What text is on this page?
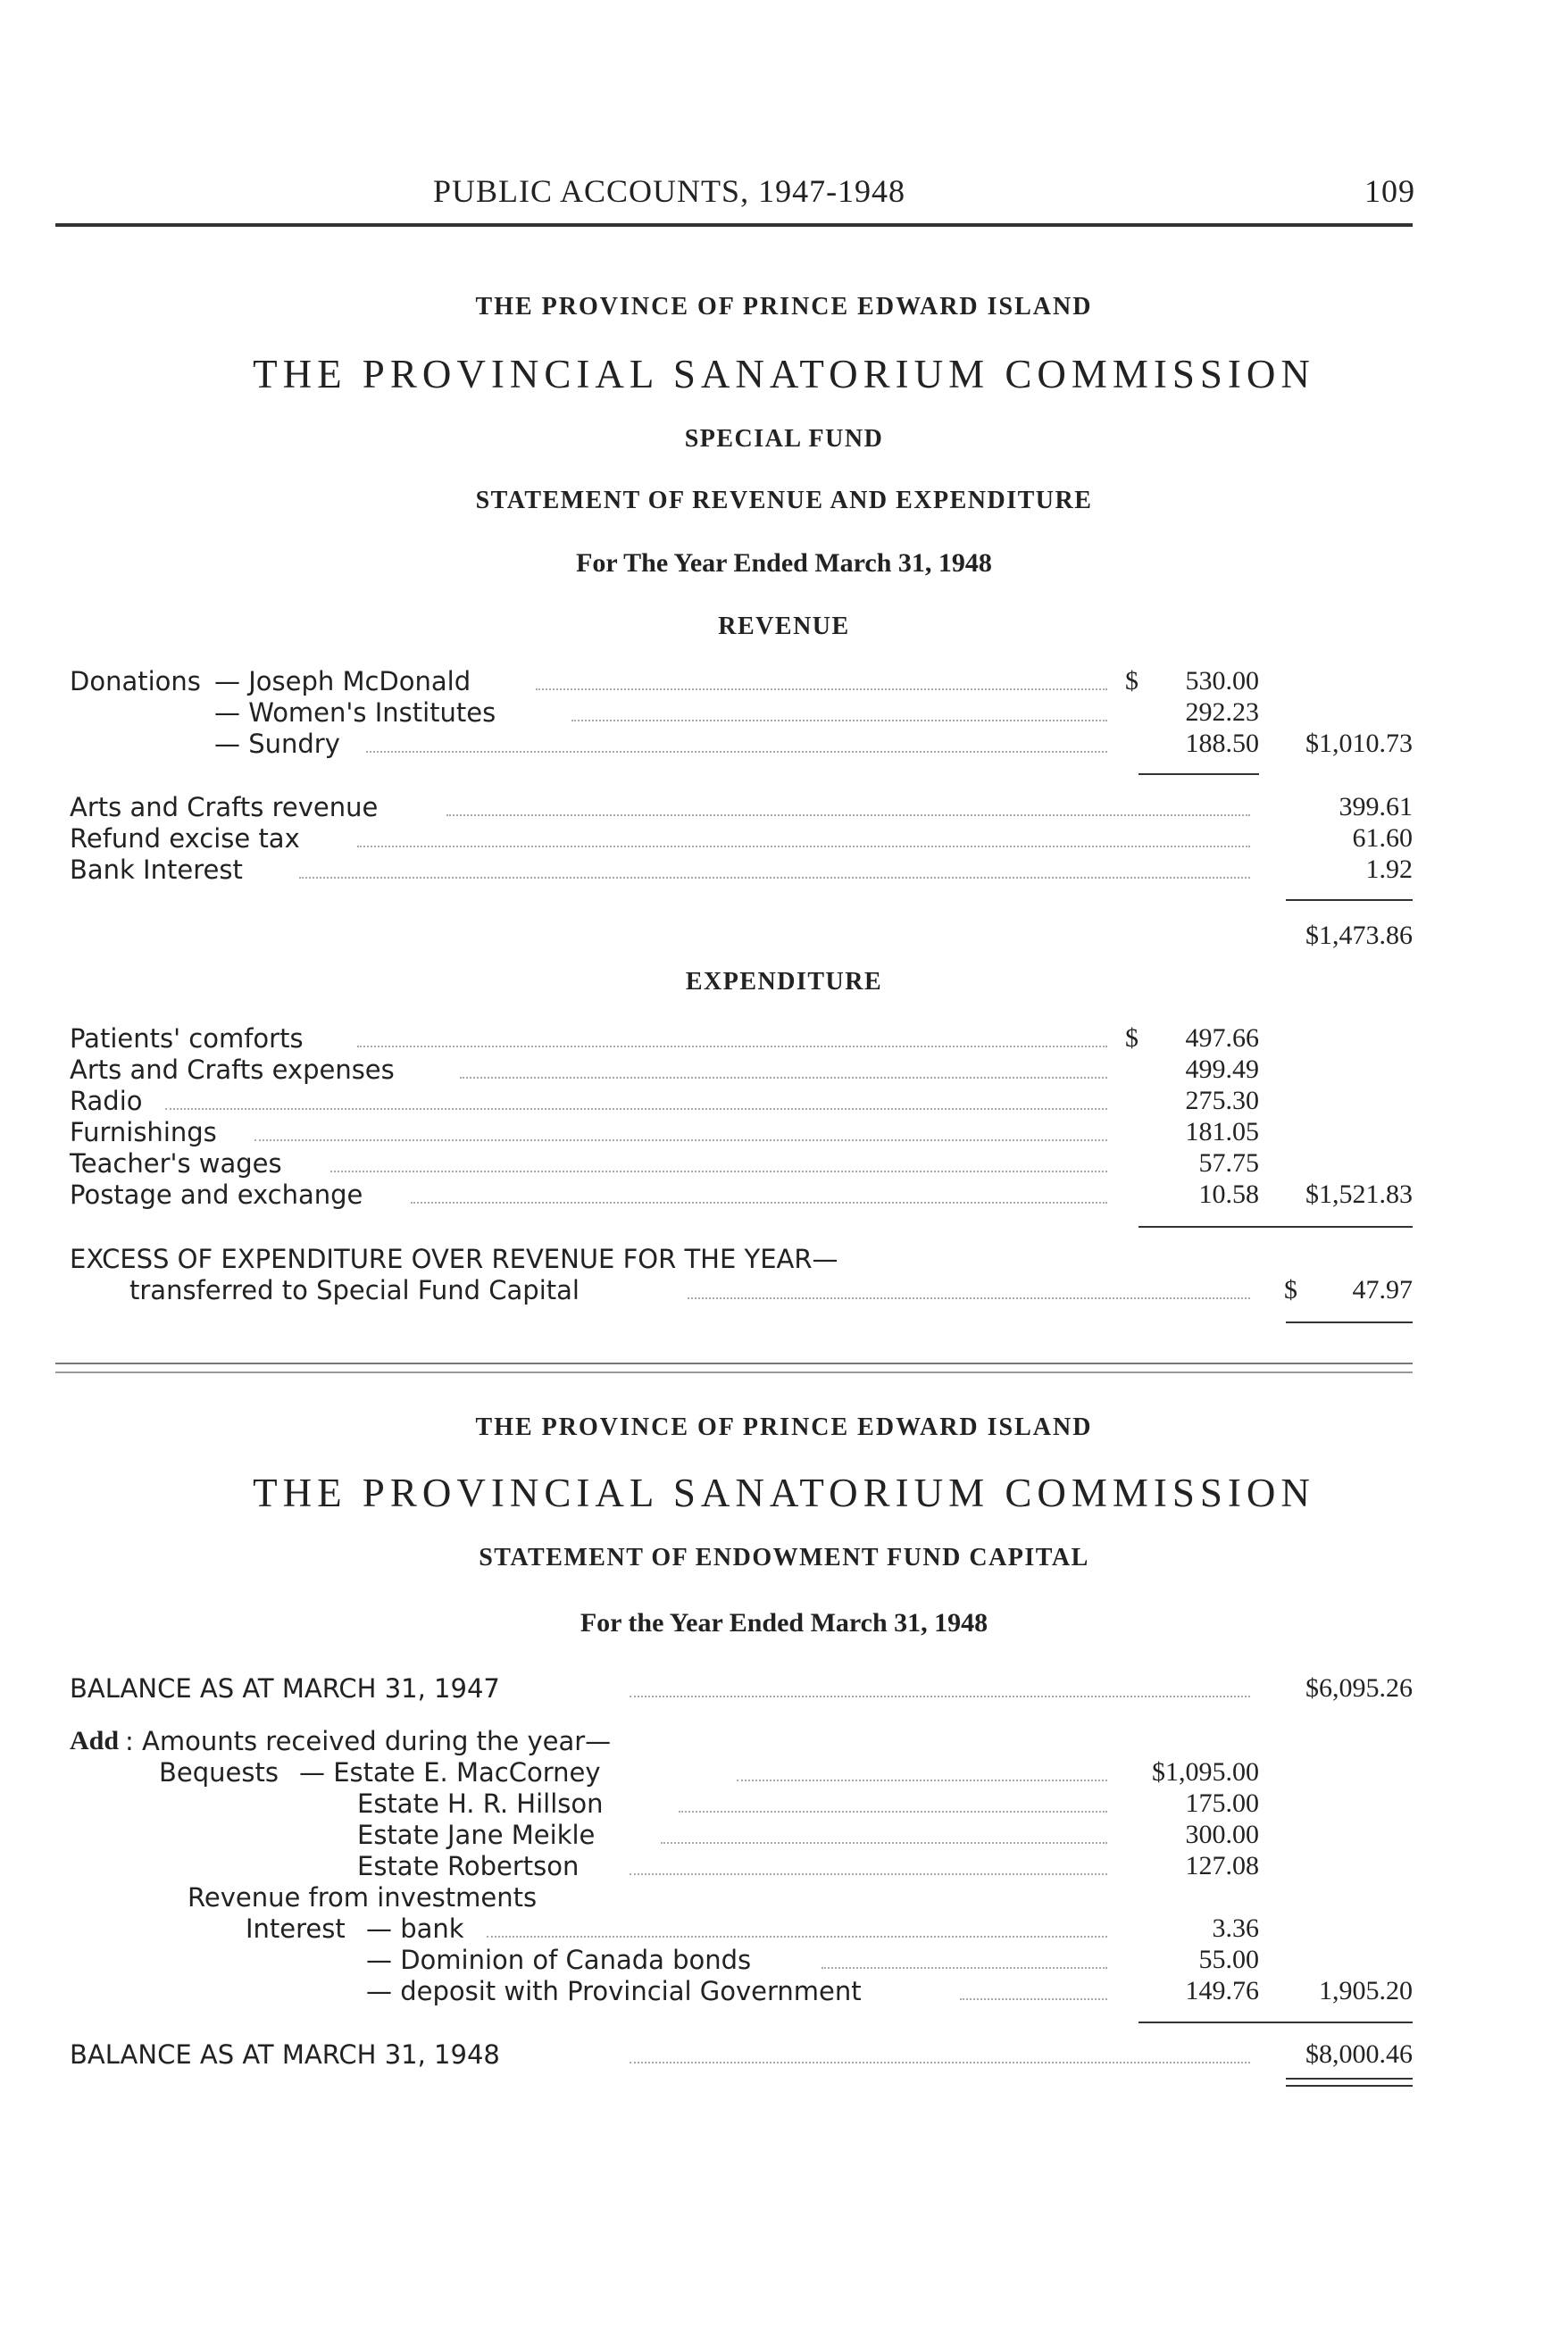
PUBLIC ACCOUNTS, 1947-1948	109
THE PROVINCE OF PRINCE EDWARD ISLAND
THE PROVINCIAL SANATORIUM COMMISSION
SPECIAL FUND
STATEMENT OF REVENUE AND EXPENDITURE
For The Year Ended March 31, 1948
REVENUE
Donations — Joseph McDonald	$	530.00
— Women's Institutes	292.23
— Sundry	188.50	$1,010.73
Arts and Crafts revenue	399.61
Refund excise tax	61.60
Bank Interest	1.92
$1,473.86
EXPENDITURE
Patients' comforts	$	497.66
Arts and Crafts expenses	499.49
Radio	275.30
Furnishings	181.05
Teacher's wages	57.75
Postage and exchange	10.58	$1,521.83
EXCESS OF EXPENDITURE OVER REVENUE FOR THE YEAR—
transferred to Special Fund Capital	$	47.97
THE PROVINCE OF PRINCE EDWARD ISLAND
THE PROVINCIAL SANATORIUM COMMISSION
STATEMENT OF ENDOWMENT FUND CAPITAL
For the Year Ended March 31, 1948
BALANCE AS AT MARCH 31, 1947	$6,095.26
Add : Amounts received during the year—
Bequests — Estate E. MacCorney	$1,095.00
Estate H. R. Hillson	175.00
Estate Jane Meikle	300.00
Estate Robertson	127.08
Revenue from investments
Interest — bank	3.36
— Dominion of Canada bonds	55.00
— deposit with Provincial Government	149.76	1,905.20
BALANCE AS AT MARCH 31, 1948	$8,000.46
